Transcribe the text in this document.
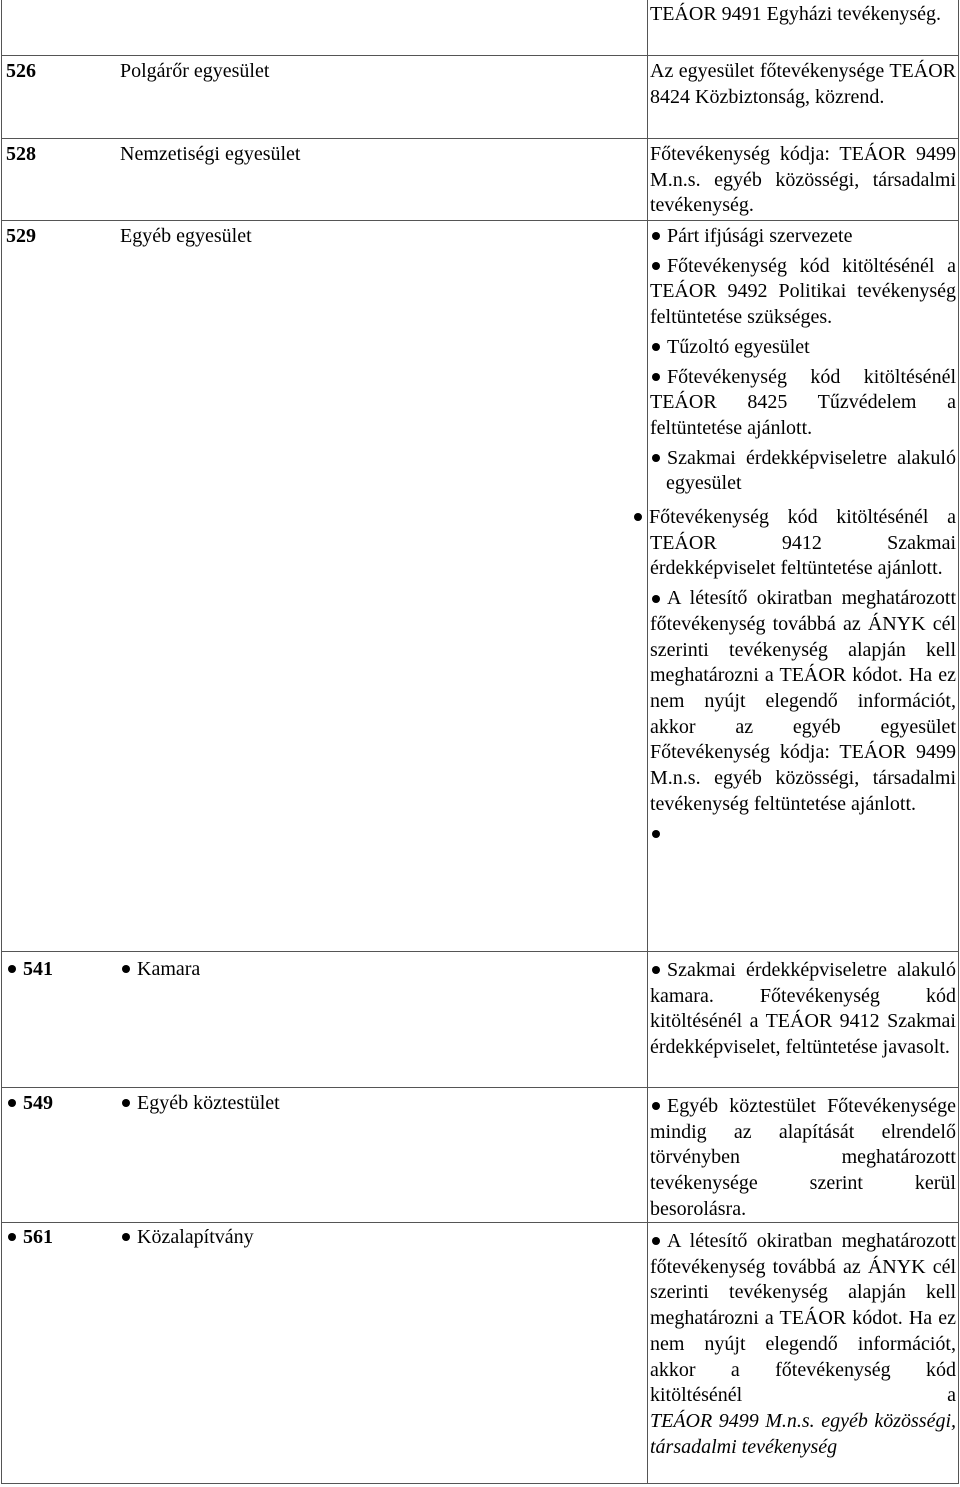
TEÁOR 9491 Egyházi tevékenység.

526	Polgárőr egyesület	Az egyesület főtevékenysége TEÁOR 8424 Közbiztonság, közrend.

528	Nemzetiségi egyesület	Főtevékenység kódja: TEÁOR 9499 M.n.s. egyéb közösségi, társadalmi tevékenység.

529	Egyéb egyesület	Párt ifjúsági szervezete

Főtevékenység kód kitöltésénél a TEÁOR 9492 Politikai tevékenység feltüntetése szükséges.

Tűzoltó egyesület

Főtevékenység kód kitöltésénél TEÁOR 8425 Tűzvédelem a feltüntetése ajánlott.

Szakmai érdekképviseletre alakuló egyesület

Főtevékenység kód kitöltésénél a TEÁOR 9412 Szakmai érdekképviselet feltüntetése ajánlott.

A létesítő okiratban meghatározott főtevékenység továbbá az ÁNYK cél szerinti tevékenység alapján kell meghatározni a TEÁOR kódot. Ha ez nem nyújt elegendő információt, akkor az egyéb egyesület Főtevékenység kódja: TEÁOR 9499 M.n.s. egyéb közösségi, társadalmi tevékenység feltüntetése ajánlott.

541	Kamara	Szakmai érdekképviseletre alakuló kamara. Főtevékenység kód kitöltésénél a TEÁOR 9412 Szakmai érdekképviselet, feltüntetése javasolt.

549	Egyéb köztestület	Egyéb köztestület Főtevékenysége mindig az alapítását elrendelő törvényben meghatározott tevékenysége szerint kerül besorolásra.

561	Közalapítvány	A létesítő okiratban meghatározott főtevékenység továbbá az ÁNYK cél szerinti tevékenység alapján kell meghatározni a TEÁOR kódot. Ha ez nem nyújt elegendő információt, akkor a főtevékenység kód kitöltésénél a

TEÁOR 9499 M.n.s. egyéb közösségi, társadalmi tevékenység
